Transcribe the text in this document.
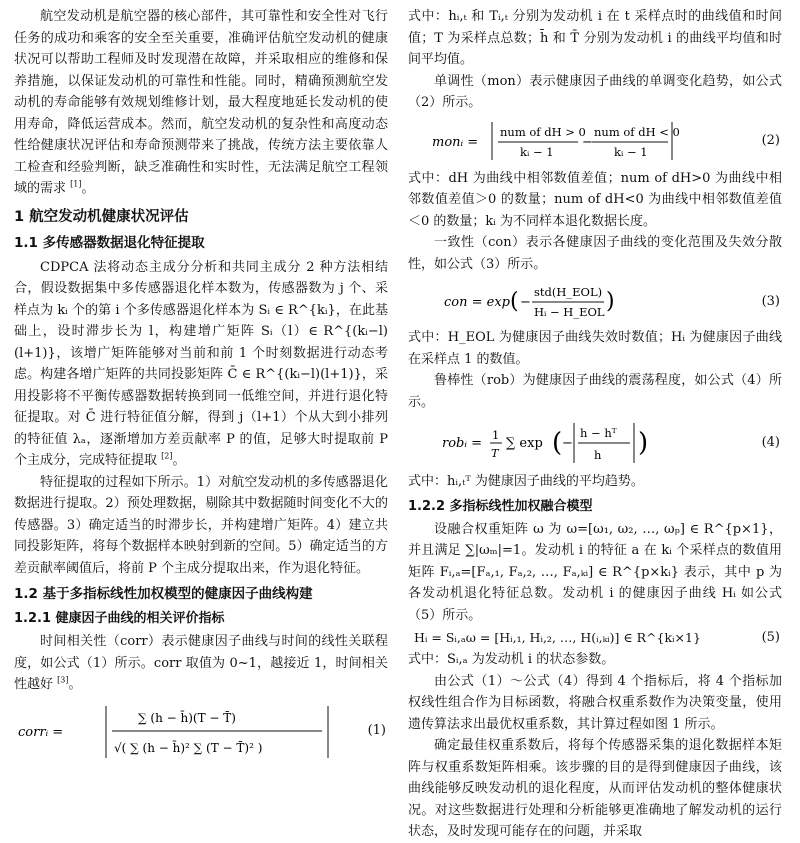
航空发动机是航空器的核心部件，其可靠性和安全性对飞行任务的成功和乘客的安全至关重要，准确评估航空发动机的健康状况可以帮助工程师及时发现潜在故障，并采取相应的维修和保养措施，以保证发动机的可靠性和性能。同时，精确预测航空发动机的寿命能够有效规划维修计划，最大程度地延长发动机的使用寿命，降低运营成本。然而，航空发动机的复杂性和高度动态性给健康状况评估和寿命预测带来了挑战，传统方法主要依靠人工检查和经验判断，缺乏准确性和实时性，无法满足航空工程领域的需求 [1]。

1 航空发动机健康状况评估
1.1 多传感器数据退化特征提取

CDPCA 法将动态主成分分析和共同主成分 2 种方法相结合，假设数据集中多传感器退化样本数为，传感器数为 j 个、采样点为 kᵢ 个的第 i 个多传感器退化样本为 Sᵢ ∈ R^{kᵢ}，在此基础上，设时滞步长为 l，构建增广矩阵 Sᵢ（l）∈ R^{(kᵢ−l)(l+1)}，该增广矩阵能够对当前和前 1 个时刻数据进行动态考虑。构建各增广矩阵的共同投影矩阵 C̄ ∈ R^{(kᵢ−l)(l+1)}，采用投影将不平衡传感器数据转换到同一低维空间，并进行退化特征提取。对 C̄ 进行特征值分解，得到 j（l+1）个从大到小排列的特征值 λₐ，逐渐增加方差贡献率 P 的值，足够大时提取前 P 个主成分，完成特征提取 [2]。

特征提取的过程如下所示。1）对航空发动机的多传感器退化数据进行提取。2）预处理数据，剔除其中数据随时间变化不大的传感器。3）确定适当的时滞步长，并构建增广矩阵。4）建立共同投影矩阵，将每个数据样本映射到新的空间。5）确定适当的方差贡献率阈值后，将前 P 个主成分提取出来，作为退化特征。

1.2 基于多指标线性加权模型的健康因子曲线构建
1.2.1 健康因子曲线的相关评价指标

时间相关性（corr）表示健康因子曲线与时间的线性关联程度，如公式（1）所示。corr 取值为 0~1，越接近 1，时间相关性越好 [3]。

corrᵢ =
∑ (h − h̄)(T − T̄)
√( ∑ (h − h̄)² ∑ (T − T̄)² )
(1)

式中：hᵢ,ₜ 和 Tᵢ,ₜ 分别为发动机 i 在 t 采样点时的曲线值和时间值；T 为采样点总数；h̄ 和 T̄ 分别为发动机 i 的曲线平均值和时间平均值。

单调性（mon）表示健康因子曲线的单调变化趋势，如公式（2）所示。

monᵢ =
num of dH > 0
kᵢ − 1
−
num of dH < 0
kᵢ − 1
(2)

式中：dH 为曲线中相邻数值差值；num of dH>0 为曲线中相邻数值差值＞0 的数量；num of dH<0 为曲线中相邻数值差值＜0 的数量；kᵢ 为不同样本退化数据长度。

一致性（con）表示各健康因子曲线的变化范围及失效分散性，如公式（3）所示。

con = exp ( −
std(H_EOL)
Hᵢ − H_EOL )	(3)

式中：H_EOL 为健康因子曲线失效时数值；Hᵢ 为健康因子曲线在采样点 1 的数值。

鲁棒性（rob）为健康因子曲线的震荡程度，如公式（4）所示。

robᵢ =
1
T
∑ exp ( −
h − hᵀ
h )	(4)

式中：hᵢ,ₜᵀ 为健康因子曲线的平均趋势。

1.2.2 多指标线性加权融合模型

设融合权重矩阵 ω 为 ω=[ω₁, ω₂, …, ωₚ] ∈ R^{p×1}，并且满足 ∑|ωₘ|=1。发动机 i 的特征 a 在 kᵢ 个采样点的数值用矩阵 Fᵢ,ₐ=[Fₐ,₁, Fₐ,₂, …, Fₐ,ₖᵢ] ∈ R^{p×kᵢ} 表示，其中 p 为各发动机退化特征总数。发动机 i 的健康因子曲线 Hᵢ 如公式（5）所示。

Hᵢ = Sᵢ,ₐω = [Hᵢ,₁, Hᵢ,₂, …, H(ᵢ,ₖᵢ)] ∈ R^{kᵢ×1}	(5)

式中：Sᵢ,ₐ 为发动机 i 的状态参数。

由公式（1）～公式（4）得到 4 个指标后，将 4 个指标加权线性组合作为目标函数，将融合权重系数作为决策变量，使用遗传算法求出最优权重系数，其计算过程如图 1 所示。

确定最佳权重系数后，将每个传感器采集的退化数据样本矩阵与权重系数矩阵相乘。该步骤的目的是得到健康因子曲线，该曲线能够反映发动机的退化程度，从而评估发动机的整体健康状况。对这些数据进行处理和分析能够更准确地了解发动机的运行状态，及时发现可能存在的问题，并采取
